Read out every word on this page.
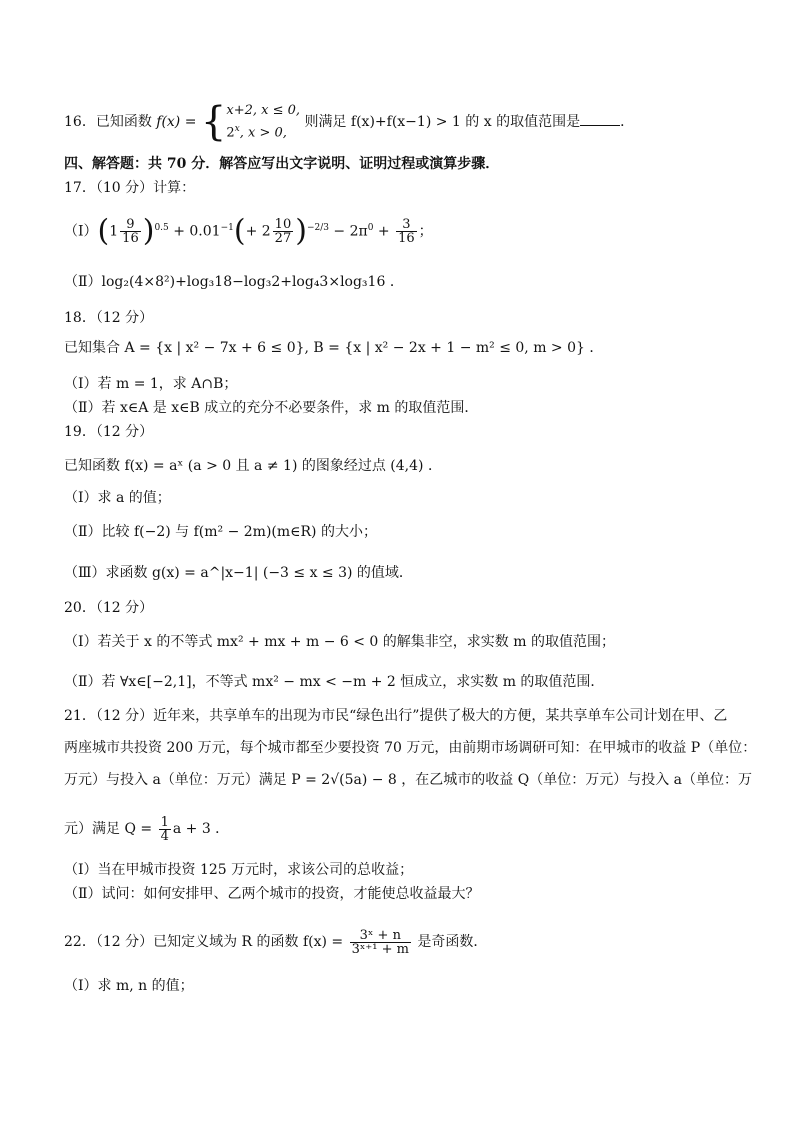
16．已知函数 f(x) = {x+2, x ≤ 0,
2$^x$, x > 0, 则满足 f(x)+f(x−1) > 1 的 x 的取值范围是	．
四、解答题：共 70 分．解答应写出文字说明、证明过程或演算步骤．
17．（10 分）计算：
（Ⅰ）(1 $\frac{9}{16} )^{0.5} + 0.01^{-1}(+ 2 \frac{10}{27} )^{-2/3} - 2\pi^0 + \frac{3}{16}$ ；
（Ⅱ）log₂(4×8²)+log₃18−log₃2+log₄3×log₃16 ．
18．（12 分）
已知集合 A = {x | x² − 7x + 6 ≤ 0}, B = {x | x² − 2x + 1 − m² ≤ 0, m > 0} ．
（Ⅰ）若 m = 1，求 A∩B；
（Ⅱ）若 x∈A 是 x∈B 成立的充分不必要条件，求 m 的取值范围．
19．（12 分）
已知函数 f(x) = aˣ (a > 0 且 a ≠ 1) 的图象经过点 (4,4) ．
（Ⅰ）求 a 的值；
（Ⅱ）比较 f(−2) 与 f(m² − 2m)(m∈R) 的大小；
（Ⅲ）求函数 g(x) = a^|x−1| (−3 ≤ x ≤ 3) 的值域．
20．（12 分）
（Ⅰ）若关于 x 的不等式 mx² + mx + m − 6 < 0 的解集非空，求实数 m 的取值范围；
（Ⅱ）若 ∀x∈[−2,1]，不等式 mx² − mx < −m + 2 恒成立，求实数 m 的取值范围．
21．（12 分）近年来，共享单车的出现为市民“绿色出行”提供了极大的方便，某共享单车公司计划在甲、乙
两座城市共投资 200 万元，每个城市都至少要投资 70 万元，由前期市场调研可知：在甲城市的收益 P（单位：
万元）与投入 a（单位：万元）满足 P = 2√(5a) − 8 ，在乙城市的收益 Q（单位：万元）与投入 a（单位：万
元）满足 $Q = \frac{1}{4}$ a + 3 ．
（Ⅰ）当在甲城市投资 125 万元时，求该公司的总收益；
（Ⅱ）试问：如何安排甲、乙两个城市的投资，才能使总收益最大？
22．（12 分）已知定义域为 R 的函数 $f(x) = \frac{\text{3ˣ + n}}{\text{3ˣ⁺¹ + m}}$ 是奇函数．
（Ⅰ）求 m, n 的值；
